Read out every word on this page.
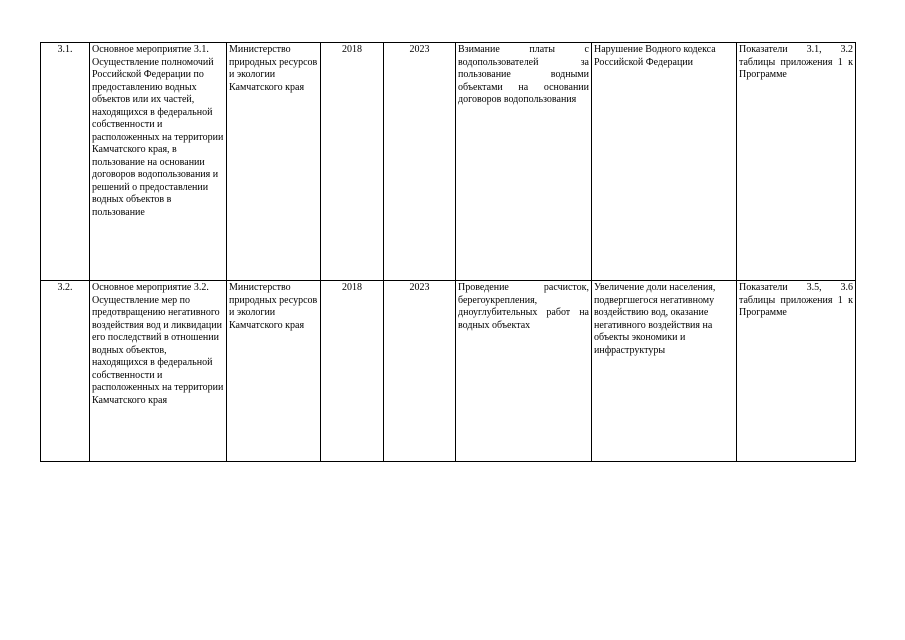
3.1.	Основное мероприятие 3.1. Осуществление полномочий Российской Федерации по предоставлению водных объектов или их частей, находящихся в федеральной собственности и расположенных на территории Камчатского края, в пользование на основании договоров водопользования и решений о предоставлении водных объектов в пользование	Министерство природных ресурсов и экологии Камчатского края	2018	2023	Взимание платы с водопользователей за пользование водными объектами на основании договоров водопользования	Нарушение Водного кодекса Российской Федерации	Показатели 3.1, 3.2 таблицы приложения 1 к Программе
3.2.	Основное мероприятие 3.2. Осуществление мер по предотвращению негативного воздействия вод и ликвидации его последствий в отношении водных объектов, находящихся в федеральной собственности и расположенных на территории Камчатского края	Министерство природных ресурсов и экологии Камчатского края	2018	2023	Проведение расчисток, берегоукрепления, дноуглубительных работ на водных объектах	Увеличение доли населения, подвергшегося негативному воздействию вод, оказание негативного воздействия на объекты экономики и инфраструктуры	Показатели 3.5, 3.6 таблицы приложения 1 к Программе
